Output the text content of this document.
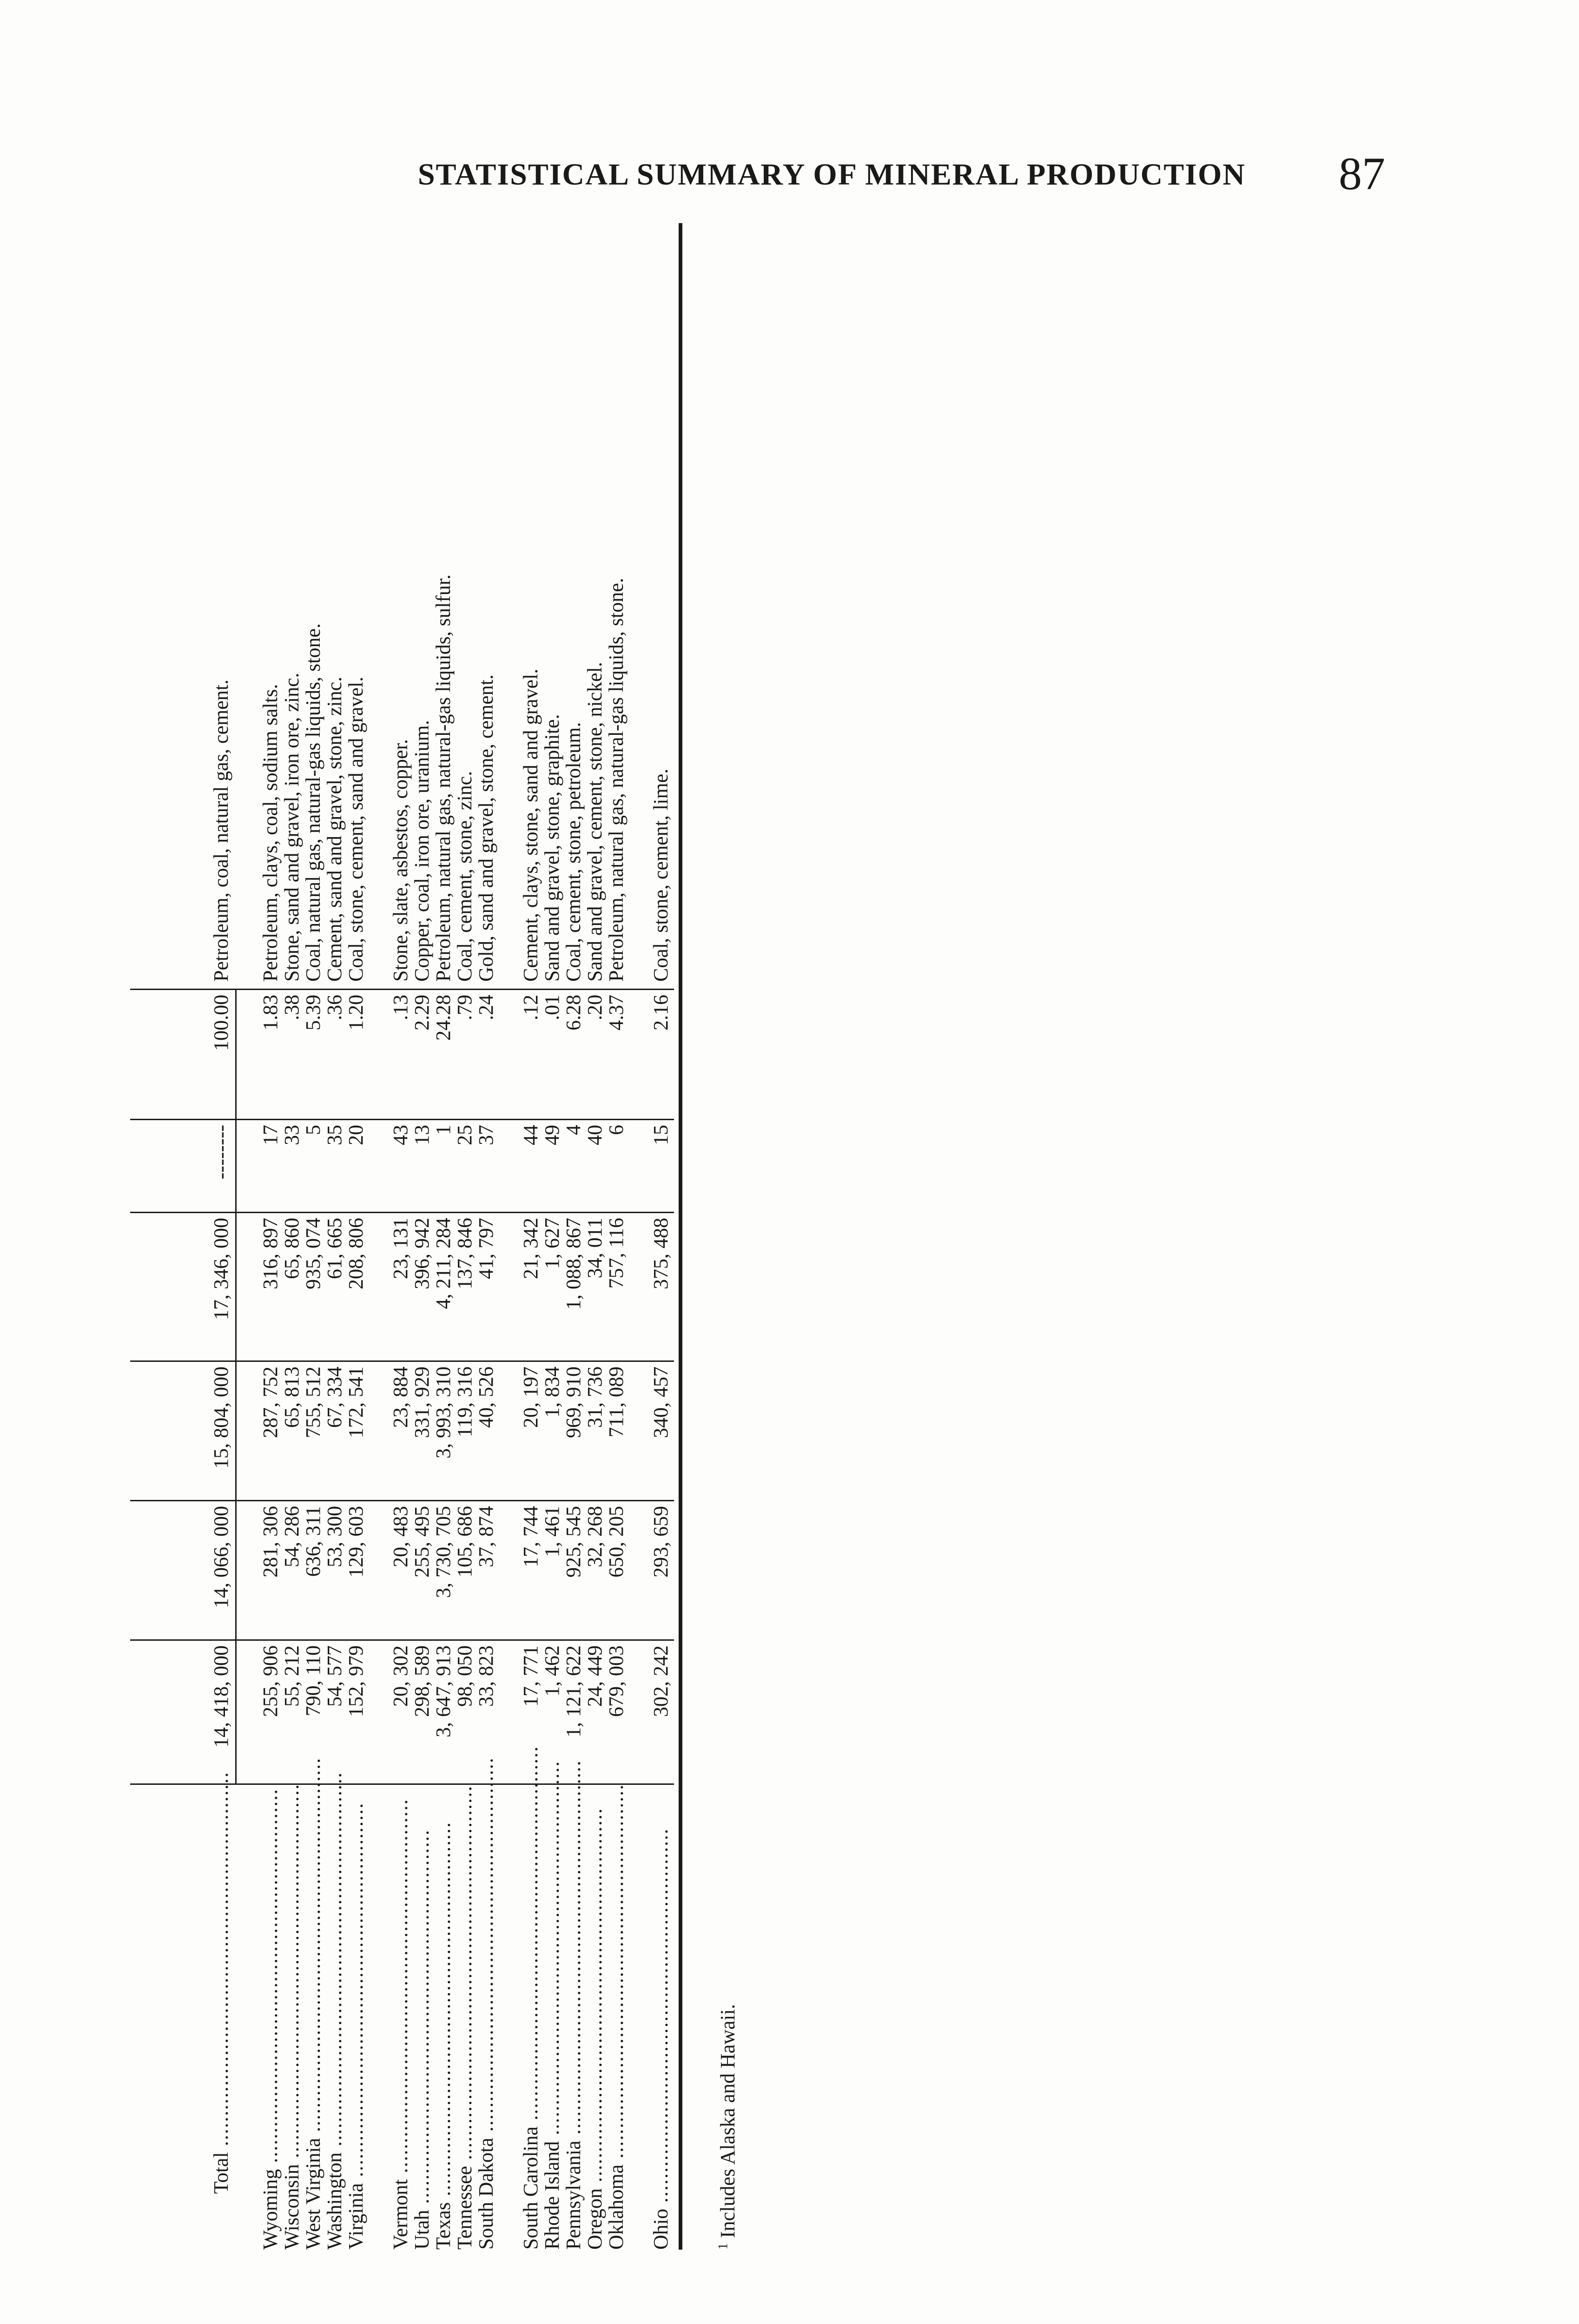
STATISTICAL SUMMARY OF MINERAL PRODUCTION 87
Ohio .....
Oklahoma .....
Oregon .....
Pennsylvania .....
Rhode Island .....
South Carolina .....
South Dakota .....
Tennessee .....
Texas .....
Utah .....
Vermont .....
Virginia .....
Washington .....
West Virginia .....
Wisconsin .....
Wyoming .....
Total .....
302, 242
679, 003
24, 449
1, 121, 622
1, 462
17, 771
33, 823
98, 050
3, 647, 913
298, 589
20, 302
152, 979
54, 577
790, 110
55, 212
255, 906
14, 418, 000
293, 659
650, 205
32, 268
925, 545
1, 461
17, 744
37, 874
105, 686
3, 730, 705
255, 495
20, 483
129, 603
53, 300
636, 311
54, 286
281, 306
14, 066, 000
340, 457
711, 089
31, 736
969, 910
1, 834
20, 197
40, 526
119, 316
3, 993, 310
331, 929
23, 884
172, 541
67, 334
755, 512
65, 813
287, 752
15, 804, 000
375, 488
757, 116
34, 011
1, 088, 867
1, 627
21, 342
41, 797
137, 846
4, 211, 284
396, 942
23, 131
208, 806
61, 665
935, 074
65, 860
316, 897
17, 346, 000
15
6
40
4
49
44
37
25
1
13
43
20
35
5
33
17
--------
2.16
4.37
.20
6.28
.01
.12
.24
.79
24.28
2.29
.13
1.20
.36
5.39
.38
1.83
100.00
Coal, stone, cement, lime.
Petroleum, natural gas, natural-gas liquids, stone.
Sand and gravel, cement, stone, nickel.
Coal, cement, stone, petroleum.
Sand and gravel, stone, graphite.
Cement, clays, stone, sand and gravel.
Gold, sand and gravel, stone, cement.
Coal, cement, stone, zinc.
Petroleum, natural gas, natural-gas liquids, sulfur.
Copper, coal, iron ore, uranium.
Stone, slate, asbestos, copper.
Coal, stone, cement, sand and gravel.
Cement, sand and gravel, stone, zinc.
Coal, natural gas, natural-gas liquids, stone.
Stone, sand and gravel, iron ore, zinc.
Petroleum, clays, coal, sodium salts.
Petroleum, coal, natural gas, cement.
$^1$ Includes Alaska and Hawaii.
